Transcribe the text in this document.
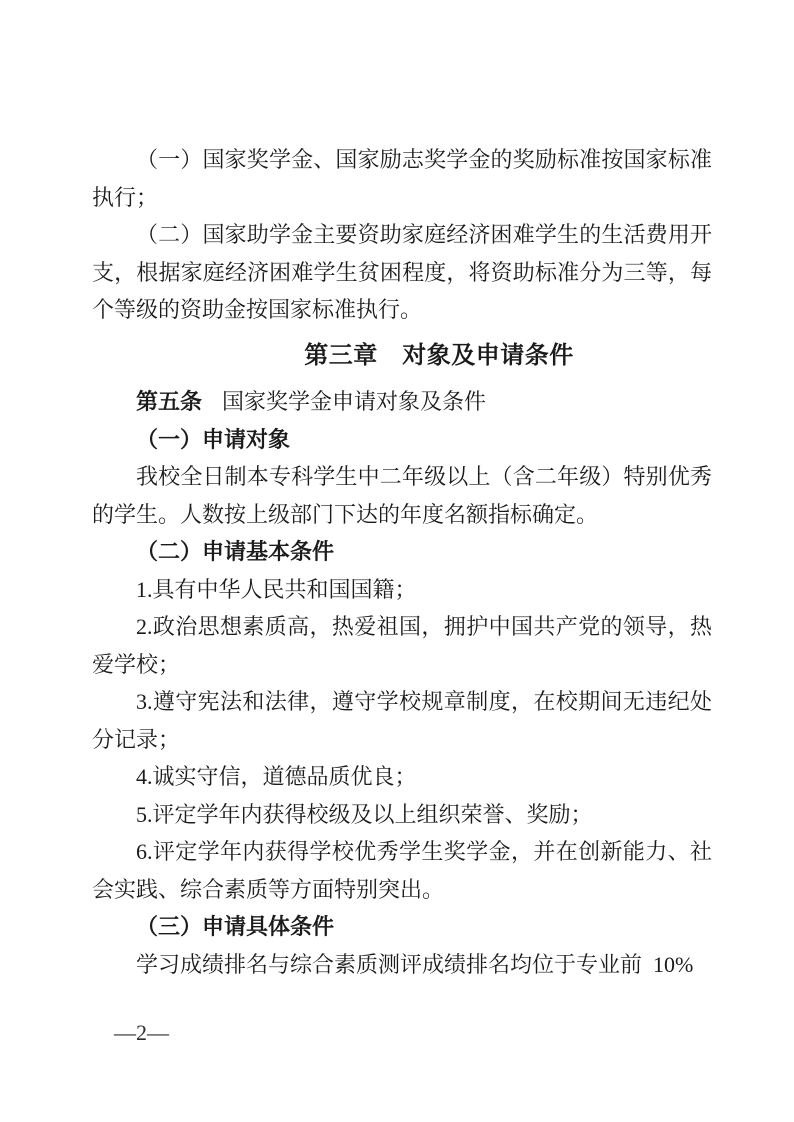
（一）国家奖学金、国家励志奖学金的奖励标准按国家标准执行；

（二）国家助学金主要资助家庭经济困难学生的生活费用开支，根据家庭经济困难学生贫困程度，将资助标准分为三等，每个等级的资助金按国家标准执行。

第三章　对象及申请条件

第五条 国家奖学金申请对象及条件

（一）申请对象

我校全日制本专科学生中二年级以上（含二年级）特别优秀的学生。人数按上级部门下达的年度名额指标确定。

（二）申请基本条件

1.具有中华人民共和国国籍；

2.政治思想素质高，热爱祖国，拥护中国共产党的领导，热爱学校；

3.遵守宪法和法律，遵守学校规章制度，在校期间无违纪处分记录；

4.诚实守信，道德品质优良；

5.评定学年内获得校级及以上组织荣誉、奖励；

6.评定学年内获得学校优秀学生奖学金，并在创新能力、社会实践、综合素质等方面特别突出。

（三）申请具体条件

学习成绩排名与综合素质测评成绩排名均位于专业前  10%

—2—
